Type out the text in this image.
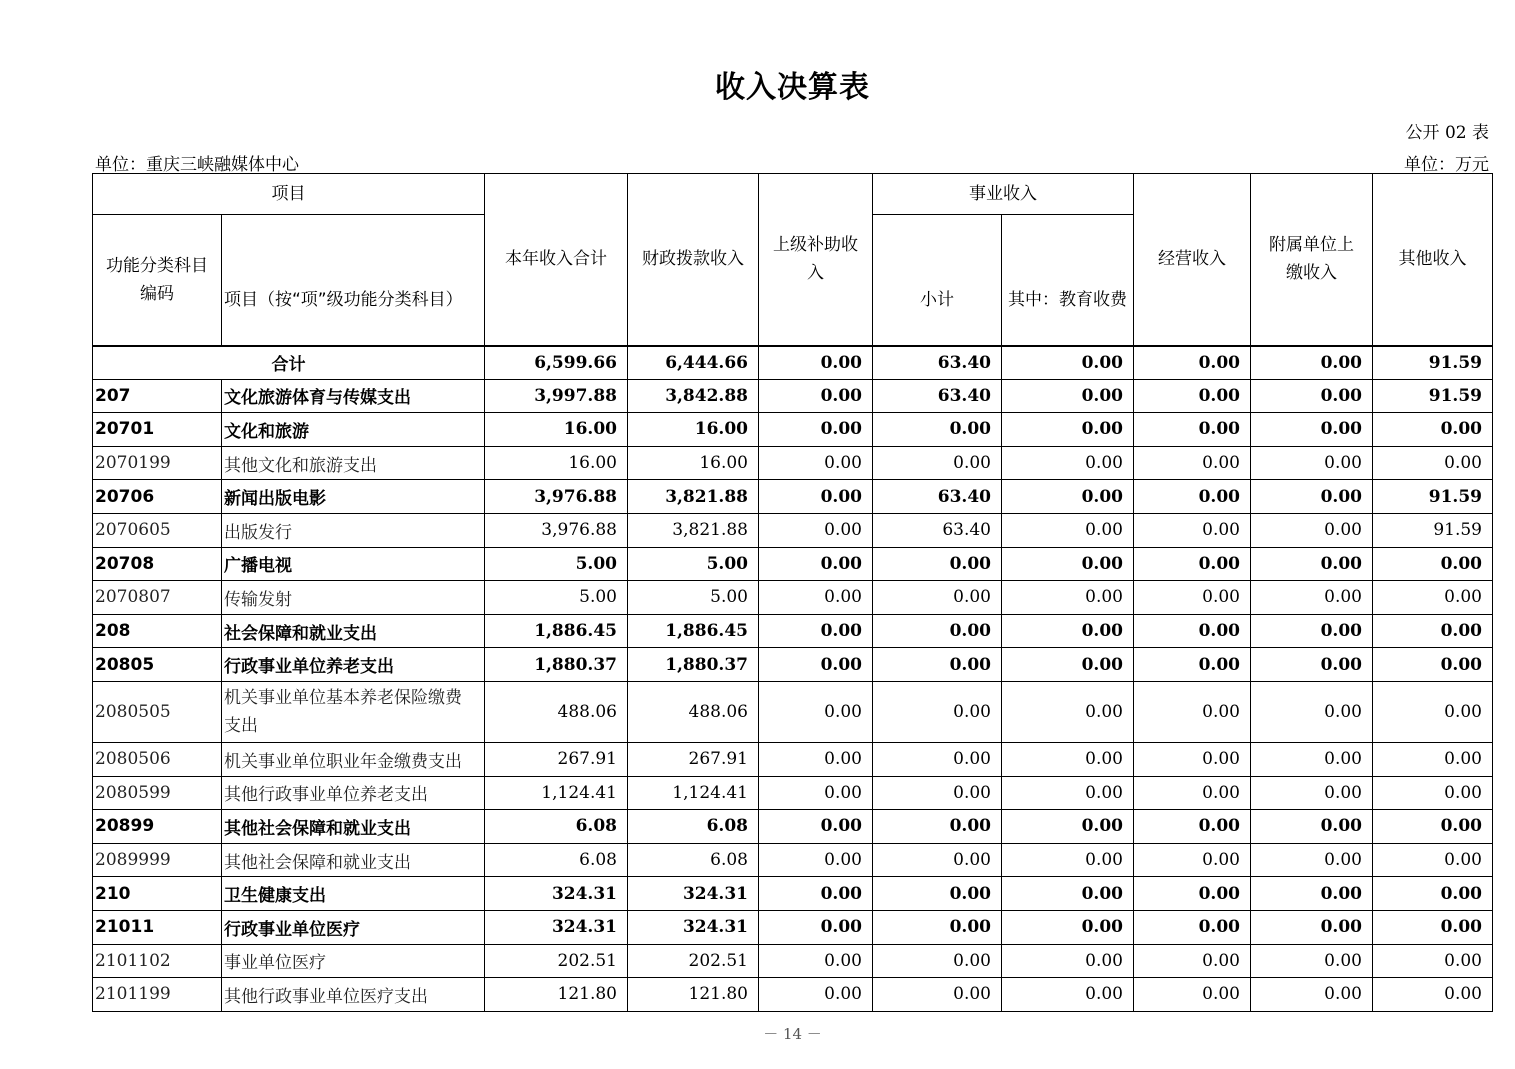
收入决算表
公开 02 表
单位：重庆三峡融媒体中心	单位：万元
项目		本年收入合计	财政拨款收入	上级补助收入	事业收入		经营收入	附属单位上缴收入	其他收入
功能分类科目编码	项目（按“项”级功能分类科目）				小计	其中：教育收费			
合计		6,599.66	6,444.66	0.00	63.40	0.00	0.00	0.00	91.59
207	文化旅游体育与传媒支出	3,997.88	3,842.88	0.00	63.40	0.00	0.00	0.00	91.59
20701	文化和旅游	16.00	16.00	0.00	0.00	0.00	0.00	0.00	0.00
2070199	其他文化和旅游支出	16.00	16.00	0.00	0.00	0.00	0.00	0.00	0.00
20706	新闻出版电影	3,976.88	3,821.88	0.00	63.40	0.00	0.00	0.00	91.59
2070605	出版发行	3,976.88	3,821.88	0.00	63.40	0.00	0.00	0.00	91.59
20708	广播电视	5.00	5.00	0.00	0.00	0.00	0.00	0.00	0.00
2070807	传输发射	5.00	5.00	0.00	0.00	0.00	0.00	0.00	0.00
208	社会保障和就业支出	1,886.45	1,886.45	0.00	0.00	0.00	0.00	0.00	0.00
20805	行政事业单位养老支出	1,880.37	1,880.37	0.00	0.00	0.00	0.00	0.00	0.00
2080505	机关事业单位基本养老保险缴费支出	488.06	488.06	0.00	0.00	0.00	0.00	0.00	0.00
2080506	机关事业单位职业年金缴费支出	267.91	267.91	0.00	0.00	0.00	0.00	0.00	0.00
2080599	其他行政事业单位养老支出	1,124.41	1,124.41	0.00	0.00	0.00	0.00	0.00	0.00
20899	其他社会保障和就业支出	6.08	6.08	0.00	0.00	0.00	0.00	0.00	0.00
2089999	其他社会保障和就业支出	6.08	6.08	0.00	0.00	0.00	0.00	0.00	0.00
210	卫生健康支出	324.31	324.31	0.00	0.00	0.00	0.00	0.00	0.00
21011	行政事业单位医疗	324.31	324.31	0.00	0.00	0.00	0.00	0.00	0.00
2101102	事业单位医疗	202.51	202.51	0.00	0.00	0.00	0.00	0.00	0.00
2101199	其他行政事业单位医疗支出	121.80	121.80	0.00	0.00	0.00	0.00	0.00	0.00
－ 14 －
